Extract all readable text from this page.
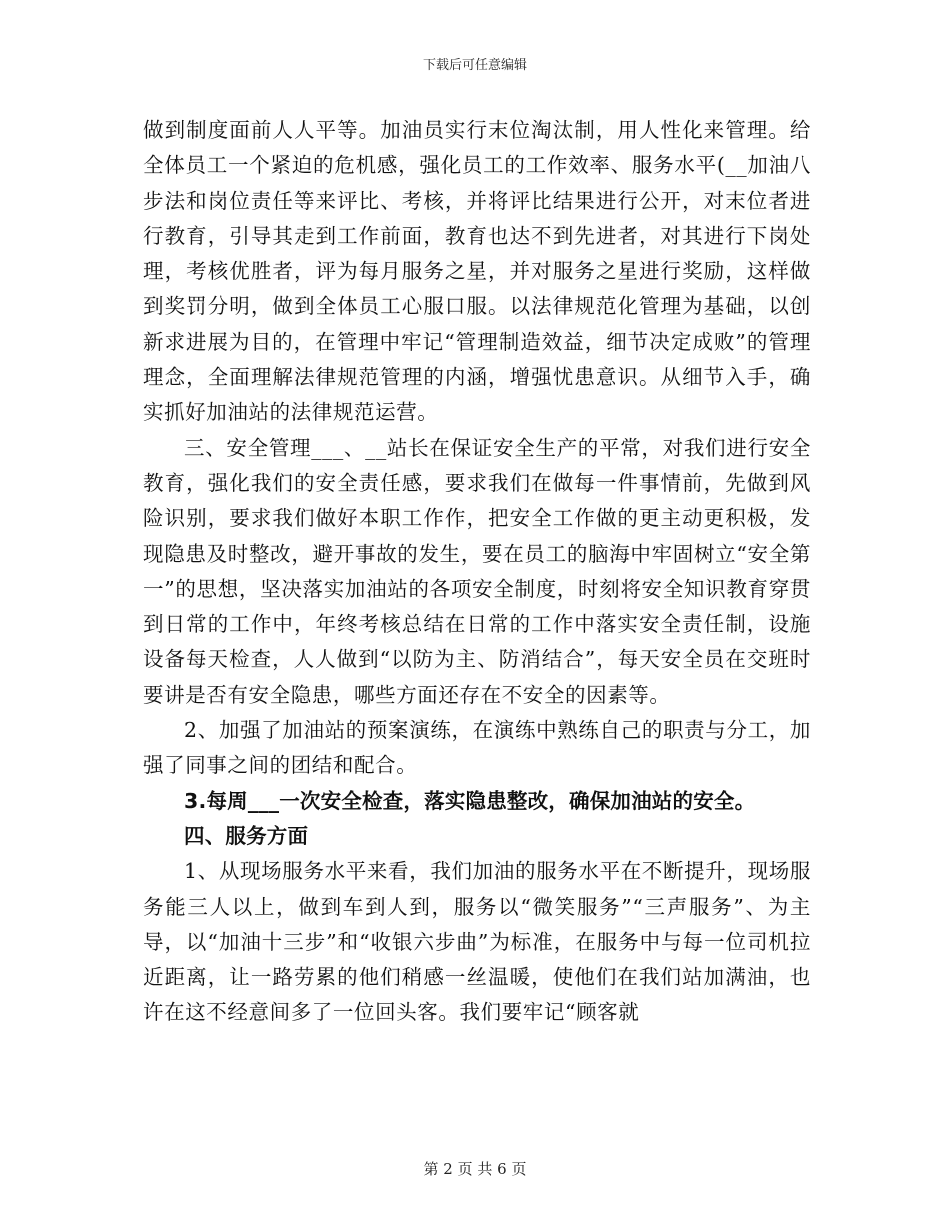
下载后可任意编辑

做到制度面前人人平等。加油员实行末位淘汰制，用人性化来管理。给全体员工一个紧迫的危机感，强化员工的工作效率、服务水平(__加油八步法和岗位责任等来评比、考核，并将评比结果进行公开，对末位者进行教育，引导其走到工作前面，教育也达不到先进者，对其进行下岗处理，考核优胜者，评为每月服务之星，并对服务之星进行奖励，这样做到奖罚分明，做到全体员工心服口服。以法律规范化管理为基础，以创新求进展为目的，在管理中牢记“管理制造效益，细节决定成败”的管理理念，全面理解法律规范管理的内涵，增强忧患意识。从细节入手，确实抓好加油站的法律规范运营。

三、安全管理___、__站长在保证安全生产的平常，对我们进行安全教育，强化我们的安全责任感，要求我们在做每一件事情前，先做到风险识别，要求我们做好本职工作作，把安全工作做的更主动更积极，发现隐患及时整改，避开事故的发生，要在员工的脑海中牢固树立“安全第一”的思想，坚决落实加油站的各项安全制度，时刻将安全知识教育穿贯到日常的工作中，年终考核总结在日常的工作中落实安全责任制，设施设备每天检查，人人做到“以防为主、防消结合”，每天安全员在交班时要讲是否有安全隐患，哪些方面还存在不安全的因素等。

2、加强了加油站的预案演练，在演练中熟练自己的职责与分工，加强了同事之间的团结和配合。

3.每周___一次安全检查，落实隐患整改，确保加油站的安全。

四、服务方面

1、从现场服务水平来看，我们加油的服务水平在不断提升，现场服务能三人以上，做到车到人到，服务以“微笑服务”“三声服务”、为主导，以“加油十三步”和“收银六步曲”为标准，在服务中与每一位司机拉近距离，让一路劳累的他们稍感一丝温暖，使他们在我们站加满油，也许在这不经意间多了一位回头客。我们要牢记“顾客就

第 2 页 共 6 页
